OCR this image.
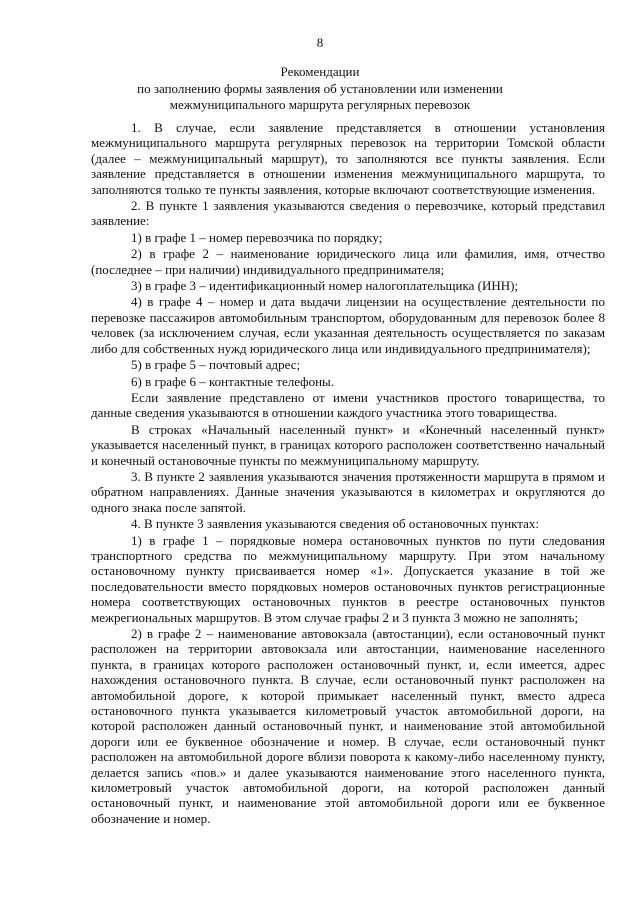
8
Рекомендации
по заполнению формы заявления об установлении или изменении
межмуниципального маршрута регулярных перевозок

1. В случае, если заявление представляется в отношении установления межмуниципального маршрута регулярных перевозок на территории Томской области (далее – межмуниципальный маршрут), то заполняются все пункты заявления. Если заявление представляется в отношении изменения межмуниципального маршрута, то заполняются только те пункты заявления, которые включают соответствующие изменения.

2. В пункте 1 заявления указываются сведения о перевозчике, который представил заявление:

1) в графе 1 – номер перевозчика по порядку;

2) в графе 2 – наименование юридического лица или фамилия, имя, отчество (последнее – при наличии) индивидуального предпринимателя;

3) в графе 3 – идентификационный номер налогоплательщика (ИНН);

4) в графе 4 – номер и дата выдачи лицензии на осуществление деятельности по перевозке пассажиров автомобильным транспортом, оборудованным для перевозок более 8 человек (за исключением случая, если указанная деятельность осуществляется по заказам либо для собственных нужд юридического лица или индивидуального предпринимателя);

5) в графе 5 – почтовый адрес;

6) в графе 6 – контактные телефоны.

Если заявление представлено от имени участников простого товарищества, то данные сведения указываются в отношении каждого участника этого товарищества.

В строках «Начальный населенный пункт» и «Конечный населенный пункт» указывается населенный пункт, в границах которого расположен соответственно начальный и конечный остановочные пункты по межмуниципальному маршруту.

3. В пункте 2 заявления указываются значения протяженности маршрута в прямом и обратном направлениях. Данные значения указываются в километрах и округляются до одного знака после запятой.

4. В пункте 3 заявления указываются сведения об остановочных пунктах:

1) в графе 1 – порядковые номера остановочных пунктов по пути следования транспортного средства по межмуниципальному маршруту. При этом начальному остановочному пункту присваивается номер «1». Допускается указание в той же последовательности вместо порядковых номеров остановочных пунктов регистрационные номера соответствующих остановочных пунктов в реестре остановочных пунктов межрегиональных маршрутов. В этом случае графы 2 и 3 пункта 3 можно не заполнять;

2) в графе 2 – наименование автовокзала (автостанции), если остановочный пункт расположен на территории автовокзала или автостанции, наименование населенного пункта, в границах которого расположен остановочный пункт, и, если имеется, адрес нахождения остановочного пункта. В случае, если остановочный пункт расположен на автомобильной дороге, к которой примыкает населенный пункт, вместо адреса остановочного пункта указывается километровый участок автомобильной дороги, на которой расположен данный остановочный пункт, и наименование этой автомобильной дороги или ее буквенное обозначение и номер. В случае, если остановочный пункт расположен на автомобильной дороге вблизи поворота к какому-либо населенному пункту, делается запись «пов.» и далее указываются наименование этого населенного пункта, километровый участок автомобильной дороги, на которой расположен данный остановочный пункт, и наименование этой автомобильной дороги или ее буквенное обозначение и номер.
